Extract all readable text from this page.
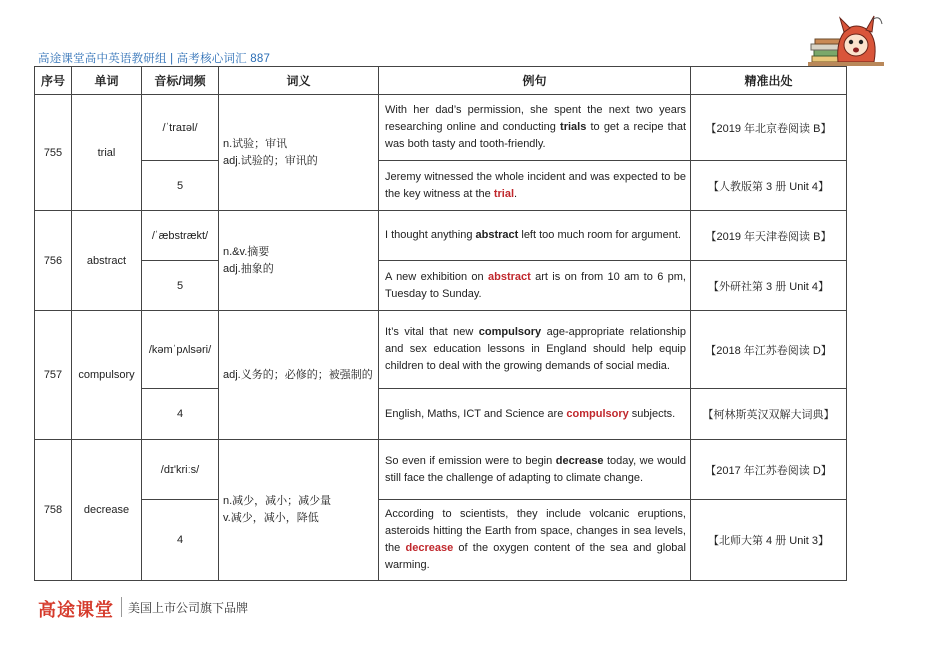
高途课堂高中英语教研组 | 高考核心词汇 887
序号	单词	音标/词频	词义	例句	精准出处
755	trial	/ˈtraɪəl/	n.试验；审讯
adj.试验的；审讯的	With her dad’s permission, she spent the next two years researching online and conducting trials to get a recipe that was both tasty and tooth-friendly.	【2019 年北京卷阅读 B】
		5		Jeremy witnessed the whole incident and was expected to be the key witness at the trial.	【人教版第 3 册 Unit 4】
756	abstract	/ˈæbstrækt/	n.&v.摘要
adj.抽象的	I thought anything abstract left too much room for argument.	【2019 年天津卷阅读 B】
		5		A new exhibition on abstract art is on from 10 am to 6 pm, Tuesday to Sunday.	【外研社第 3 册 Unit 4】
757	compulsory	/kəmˈpʌlsəri/	adj.义务的；必修的；被强制的	It’s vital that new compulsory age-appropriate relationship and sex education lessons in England should help equip children to deal with the growing demands of social media.	【2018 年江苏卷阅读 D】
		4		English, Maths, ICT and Science are compulsory subjects.	【柯林斯英汉双解大词典】
758	decrease	/dɪ'kriːs/	n.减少，减小；减少量
v.减少，减小，降低	So even if emission were to begin decrease today, we would still face the challenge of adapting to climate change.	【2017 年江苏卷阅读 D】
		4		According to scientists, they include volcanic eruptions, asteroids hitting the Earth from space, changes in sea levels, the decrease of the oxygen content of the sea and global warming.	【北师大第 4 册 Unit 3】
高途课堂 美国上市公司旗下品牌
